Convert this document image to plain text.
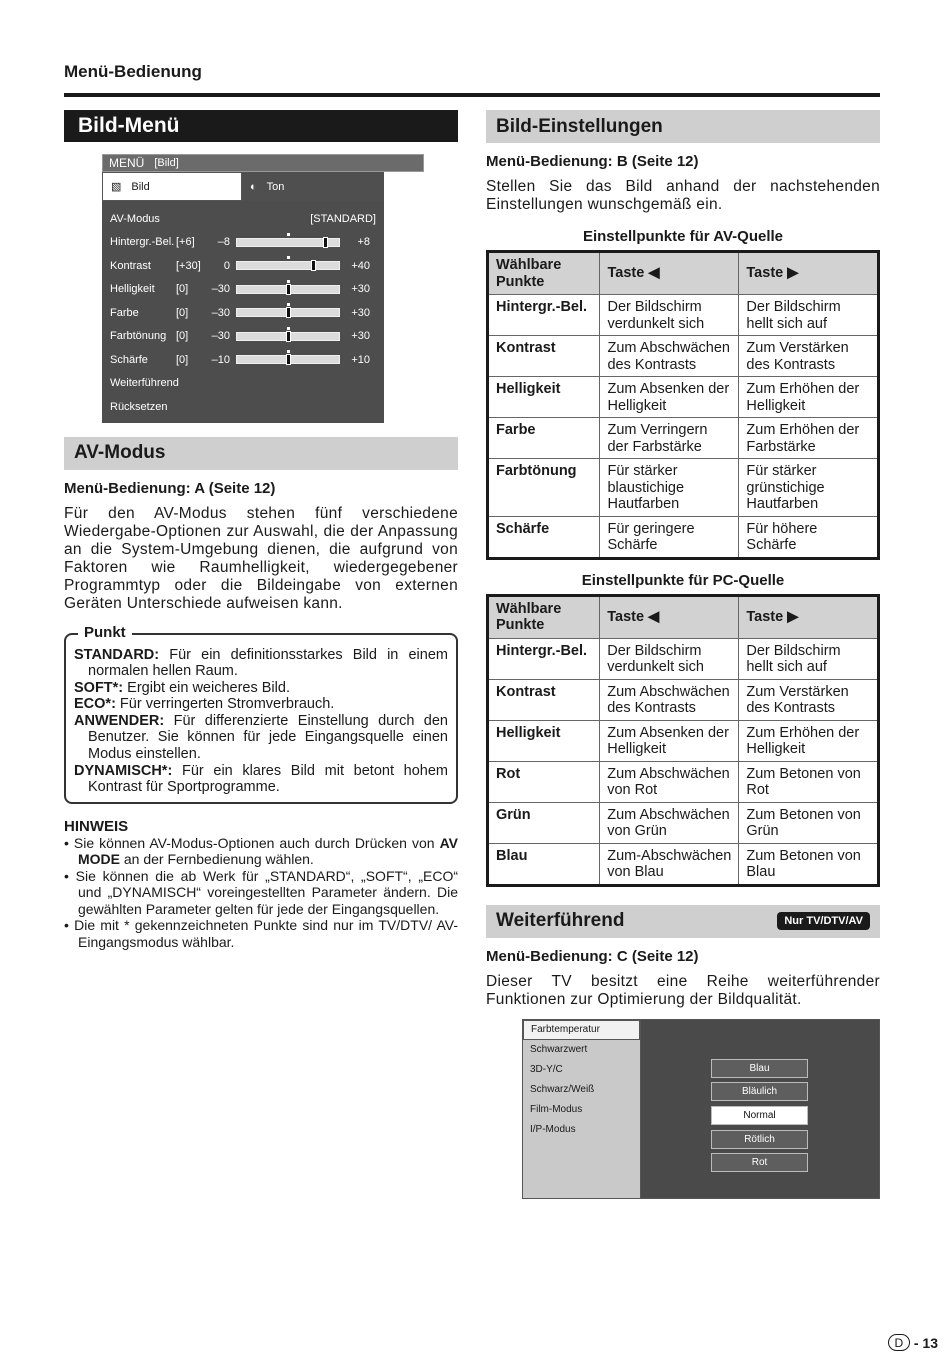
Menü-Bedienung
Bild-Menü
MENÜ [Bild]
▧ Bild	◐ Ton
AV-Modus	[STANDARD]
Hintergr.-Bel. [+6]	–8	+8
Kontrast	[+30]	0	+40
Helligkeit	[0]	–30	+30
Farbe	[0]	–30	+30
Farbtönung [0]	–30	+30
Schärfe	[0]	–10	+10
Weiterführend
Rücksetzen
AV-Modus
Menü-Bedienung: A (Seite 12)
Für den AV-Modus stehen fünf verschiedene Wiedergabe-Optionen zur Auswahl, die der Anpassung an die System-Umgebung dienen, die aufgrund von Faktoren wie Raumhelligkeit, wiedergegebener Programmtyp oder die Bildeingabe von externen Geräten Unterschiede aufweisen kann.
Punkt
STANDARD: Für ein definitionsstarkes Bild in einem normalen hellen Raum.
SOFT*: Ergibt ein weicheres Bild.
ECO*: Für verringerten Stromverbrauch.
ANWENDER: Für differenzierte Einstellung durch den Benutzer. Sie können für jede Eingangsquelle einen Modus einstellen.
DYNAMISCH*: Für ein klares Bild mit betont hohem Kontrast für Sportprogramme.
HINWEIS
• Sie können AV-Modus-Optionen auch durch Drücken von AV MODE an der Fernbedienung wählen.
• Sie können die ab Werk für „STANDARD“, „SOFT“, „ECO“ und „DYNAMISCH“ voreingestellten Parameter ändern. Die gewählten Parameter gelten für jede der Eingangsquellen.
• Die mit * gekennzeichneten Punkte sind nur im TV/DTV/ AV-Eingangsmodus wählbar.
Bild-Einstellungen
Menü-Bedienung: B (Seite 12)
Stellen Sie das Bild anhand der nachstehenden Einstellungen wunschgemäß ein.
Einstellpunkte für AV-Quelle
Wählbare Punkte	Taste ◀	Taste ▶
Hintergr.-Bel.	Der Bildschirm verdunkelt sich	Der Bildschirm hellt sich auf
Kontrast	Zum Abschwächen des Kontrasts	Zum Verstärken des Kontrasts
Helligkeit	Zum Absenken der Helligkeit	Zum Erhöhen der Helligkeit
Farbe	Zum Verringern der Farbstärke	Zum Erhöhen der Farbstärke
Farbtönung	Für stärker blaustichige Hautfarben	Für stärker grünstichige Hautfarben
Schärfe	Für geringere Schärfe	Für höhere Schärfe
Einstellpunkte für PC-Quelle
Wählbare Punkte	Taste ◀	Taste ▶
Hintergr.-Bel.	Der Bildschirm verdunkelt sich	Der Bildschirm hellt sich auf
Kontrast	Zum Abschwächen des Kontrasts	Zum Verstärken des Kontrasts
Helligkeit	Zum Absenken der Helligkeit	Zum Erhöhen der Helligkeit
Rot	Zum Abschwächen von Rot	Zum Betonen von Rot
Grün	Zum Abschwächen von Grün	Zum Betonen von Grün
Blau	Zum-Abschwächen von Blau	Zum Betonen von Blau
Weiterführend	Nur TV/DTV/AV
Menü-Bedienung: C (Seite 12)
Dieser TV besitzt eine Reihe weiterführender Funktionen zur Optimierung der Bildqualität.
Farbtemperatur
Schwarzwert
3D-Y/C
Schwarz/Weiß
Film-Modus
I/P-Modus
Blau
Bläulich
Normal
Rötlich
Rot
D - 13
